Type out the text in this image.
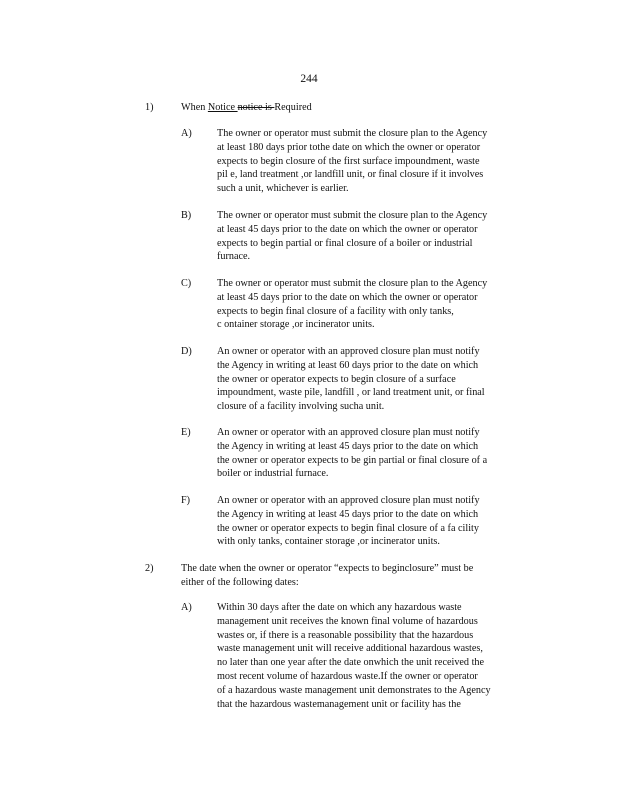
244
1)	When Notice notice is Required
A) The owner or operator must submit the closure plan to the Agency
at least 180 days prior tothe date on which the owner or operator
expects to begin closure of the first surface impoundment, waste
pil e, land treatment ,or landfill unit, or final closure if it involves
such a unit, whichever is earlier.
B)	The owner or operator must submit the closure plan to the Agency
at least 45 days prior to the date on which the owner or operator
expects to begin partial or final closure of a boiler or industrial
furnace.
C)	The owner or operator must submit the closure plan to the Agency
at least 45 days prior to the date on which the owner or operator
expects to begin final closure of a facility with only tanks,
c ontainer storage ,or incinerator units.
D) An owner or operator with an approved closure plan must notify
the Agency in writing at least 60 days prior to the date on which
the owner or operator expects to begin closure of a surface
impoundment, waste pile, landfill , or land treatment unit, or final
closure of a facility involving sucha unit.
E)	An owner or operator with an approved closure plan must notify
the Agency in writing at least 45 days prior to the date on which
the owner or operator expects to be gin partial or final closure of a
boiler or industrial furnace.
F)	An owner or operator with an approved closure plan must notify
the Agency in writing at least 45 days prior to the date on which
the owner or operator expects to begin final closure of a fa cility
with only tanks, container storage ,or incinerator units.
2)	The date when the owner or operator “expects to beginclosure” must be
either of the following dates:
A) Within 30 days after the date on which any hazardous waste
management unit receives the known final volume of hazardous
wastes or, if there is a reasonable possibility that the hazardous
waste management unit will receive additional hazardous wastes,
no later than one year after the date onwhich the unit received the
most recent volume of hazardous waste.If the owner or operator
of a hazardous waste management unit demonstrates to the Agency
that the hazardous wastemanagement unit or facility has the
